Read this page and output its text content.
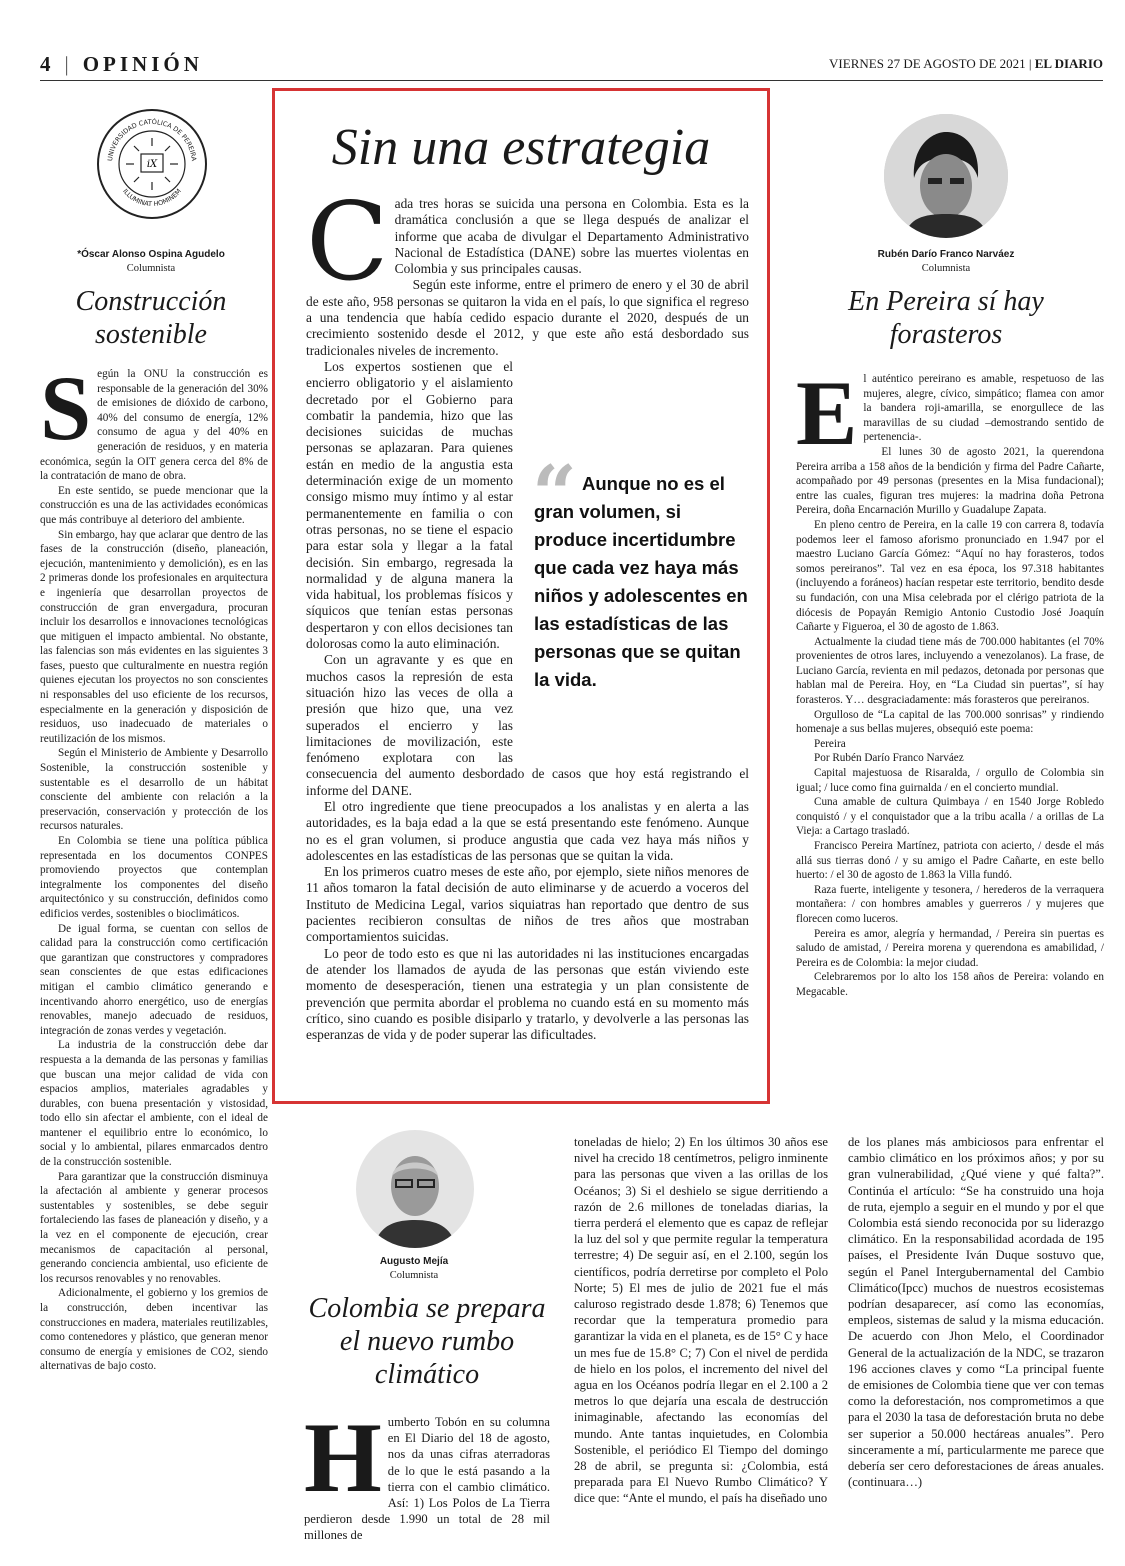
4 | OPINIÓN	VIERNES 27 DE AGOSTO DE 2021 | EL DIARIO
iX
UNIVERSIDAD CATÓLICA DE PEREIRA
ILLUMINAT HOMINEM
*Óscar Alonso Ospina Agudelo
Columnista
Construcción sostenible
S egún la ONU la construcción es responsable de la generación del 30% de emisiones de dióxido de carbono, 40% del consumo de energía, 12% consumo de agua y del 40% en generación de residuos, y en materia económica, según la OIT genera cerca del 8% de la contratación de mano de obra.

En este sentido, se puede mencionar que la construcción es una de las actividades económicas que más contribuye al deterioro del ambiente.

Sin embargo, hay que aclarar que dentro de las fases de la construcción (diseño, planeación, ejecución, mantenimiento y demolición), es en las 2 primeras donde los profesionales en arquitectura e ingeniería que desarrollan proyectos de construcción de gran envergadura, procuran incluir los desarrollos e innovaciones tecnológicas que mitiguen el impacto ambiental. No obstante, las falencias son más evidentes en las siguientes 3 fases, puesto que culturalmente en nuestra región quienes ejecutan los proyectos no son conscientes ni responsables del uso eficiente de los recursos, especialmente en la generación y disposición de residuos, uso inadecuado de materiales o reutilización de los mismos.

Según el Ministerio de Ambiente y Desarrollo Sostenible, la construcción sostenible y sustentable es el desarrollo de un hábitat consciente del ambiente con relación a la preservación, conservación y protección de los recursos naturales.

En Colombia se tiene una política pública representada en los documentos CONPES promoviendo proyectos que contemplan integralmente los componentes del diseño arquitectónico y su construcción, definidos como edificios verdes, sostenibles o bioclimáticos.

De igual forma, se cuentan con sellos de calidad para la construcción como certificación que garantizan que constructores y compradores sean conscientes de que estas edificaciones mitigan el cambio climático generando e incentivando ahorro energético, uso de energías renovables, manejo adecuado de residuos, integración de zonas verdes y vegetación.

La industria de la construcción debe dar respuesta a la demanda de las personas y familias que buscan una mejor calidad de vida con espacios amplios, materiales agradables y durables, con buena presentación y vistosidad, todo ello sin afectar el ambiente, con el ideal de mantener el equilibrio entre lo económico, lo social y lo ambiental, pilares enmarcados dentro de la construcción sostenible.

Para garantizar que la construcción disminuya la afectación al ambiente y generar procesos sustentables y sostenibles, se debe seguir fortaleciendo las fases de planeación y diseño, y a la vez en el componente de ejecución, crear mecanismos de capacitación al personal, generando conciencia ambiental, uso eficiente de los recursos renovables y no renovables.

Adicionalmente, el gobierno y los gremios de la construcción, deben incentivar las construcciones en madera, materiales reutilizables, como contenedores y plástico, que generan menor consumo de energía y emisiones de CO2, siendo alternativas de bajo costo.

Sin una estrategia
Cada tres horas se suicida una persona en Colombia. Esta es la dramática conclusión a que se llega después de analizar el informe que acaba de divulgar el Departamento Administrativo Nacional de Estadística (DANE) sobre las muertes violentas en Colombia y sus principales causas.

Según este informe, entre el primero de enero y el 30 de abril de este año, 958 personas se quitaron la vida en el país, lo que significa el regreso a una tendencia que había cedido espacio durante el 2020, después de un crecimiento sostenido desde el 2012, y que este año está desbordado sus tradicionales niveles de incremento.

Los expertos sostienen que el encierro obligatorio y el aislamiento decretado por el Gobierno para combatir la pandemia, hizo que las decisiones suicidas de muchas personas se aplazaran. Para quienes están en medio de la angustia esta determinación exige de un momento consigo mismo muy íntimo y al estar permanentemente en familia o con otras personas, no se tiene el espacio para estar sola y llegar a la fatal decisión. Sin embargo, regresada la normalidad y de alguna manera la vida habitual, los problemas físicos y síquicos que tenían estas personas despertaron y con ellos decisiones tan dolorosas como la auto eliminación.

Con un agravante y es que en muchos casos la represión de esta situación hizo las veces de olla a presión que hizo que, una vez superados el encierro y las limitaciones de movilización, este fenómeno explotara con las consecuencia del aumento desbordado de casos que hoy está registrando el informe del DANE.

El otro ingrediente que tiene preocupados a los analistas y en alerta a las autoridades, es la baja edad a la que se está presentando este fenómeno. Aunque no es el gran volumen, si produce angustia que cada vez haya más niños y adolescentes en las estadísticas de las personas que se quitan la vida.

En los primeros cuatro meses de este año, por ejemplo, siete niños menores de 11 años tomaron la fatal decisión de auto eliminarse y de acuerdo a voceros del Instituto de Medicina Legal, varios siquiatras han reportado que dentro de sus pacientes recibieron consultas de niños de tres años que mostraban comportamientos suicidas.

Lo peor de todo esto es que ni las autoridades ni las instituciones encargadas de atender los llamados de ayuda de las personas que están viviendo este momento de desesperación, tienen una estrategia y un plan consistente de prevención que permita abordar el problema no cuando está en su momento más crítico, sino cuando es posible disiparlo y tratarlo, y devolverle a las personas las esperanzas de vida y de poder superar las dificultades.

“ Aunque no es el gran volumen, si produce incertidumbre que cada vez haya más niños y adolescentes en las estadísticas de las personas que se quitan la vida.
Rubén Darío Franco Narváez
Columnista
En Pereira sí hay forasteros
E l auténtico pereirano es amable, respetuoso de las mujeres, alegre, cívico, simpático; flamea con amor la bandera roji-amarilla, se enorgullece de las maravillas de su ciudad –demostrando sentido de pertenencia-.

El lunes 30 de agosto 2021, la querendona Pereira arriba a 158 años de la bendición y firma del Padre Cañarte, acompañado por 49 personas (presentes en la Misa fundacional); entre las cuales, figuran tres mujeres: la madrina doña Petrona Pereira, doña Encarnación Murillo y Guadalupe Zapata.

En pleno centro de Pereira, en la calle 19 con carrera 8, todavía podemos leer el famoso aforismo pronunciado en 1.947 por el maestro Luciano García Gómez: “Aquí no hay forasteros, todos somos pereiranos”. Tal vez en esa época, los 97.318 habitantes (incluyendo a foráneos) hacían respetar este territorio, bendito desde su fundación, con una Misa celebrada por el clérigo patriota de la diócesis de Popayán Remigio Antonio Custodio José Joaquín Cañarte y Figueroa, el 30 de agosto de 1.863.

Actualmente la ciudad tiene más de 700.000 habitantes (el 70% provenientes de otros lares, incluyendo a venezolanos). La frase, de Luciano García, revienta en mil pedazos, detonada por personas que hablan mal de Pereira. Hoy, en “La Ciudad sin puertas”, sí hay forasteros. Y… desgraciadamente: más forasteros que pereiranos.

Orgulloso de “La capital de las 700.000 sonrisas” y rindiendo homenaje a sus bellas mujeres, obsequió este poema:

Pereira

Por Rubén Darío Franco Narváez

Capital majestuosa de Risaralda, / orgullo de Colombia sin igual; / luce como fina guirnalda / en el concierto mundial.

Cuna amable de cultura Quimbaya / en 1540 Jorge Robledo conquistó / y el conquistador que a la tribu acalla / a orillas de La Vieja: a Cartago trasladó.

Francisco Pereira Martínez, patriota con acierto, / desde el más allá sus tierras donó / y su amigo el Padre Cañarte, en este bello huerto: / el 30 de agosto de 1.863 la Villa fundó.

Raza fuerte, inteligente y tesonera, / herederos de la verraquera montañera: / con hombres amables y guerreros / y mujeres que florecen como luceros.

Pereira es amor, alegría y hermandad, / Pereira sin puertas es saludo de amistad, / Pereira morena y querendona es amabilidad, / Pereira es de Colombia: la mejor ciudad.

Celebraremos por lo alto los 158 años de Pereira: volando en Megacable.

Augusto Mejía
Columnista
Colombia se prepara el nuevo rumbo climático
Humberto Tobón en su columna en El Diario del 18 de agosto, nos da unas cifras aterradoras de lo que le está pasando a la tierra con el cambio climático. Así: 1) Los Polos de La Tierra perdieron desde 1.990 un total de 28 mil millones de
toneladas de hielo; 2) En los últimos 30 años ese nivel ha crecido 18 centímetros, peligro inminente para las personas que viven a las orillas de los Océanos; 3) Si el deshielo se sigue derritiendo a razón de 2.6 millones de toneladas diarias, la tierra perderá el elemento que es capaz de reflejar la luz del sol y que permite regular la temperatura terrestre; 4) De seguir así, en el 2.100, según los científicos, podría derretirse por completo el Polo Norte; 5) El mes de julio de 2021 fue el más caluroso registrado desde 1.878; 6) Tenemos que recordar que la temperatura promedio para garantizar la vida en el planeta, es de 15° C y hace un mes fue de 15.8° C; 7) Con el nivel de perdida de hielo en los polos, el incremento del nivel del agua en los Océanos podría llegar en el 2.100 a 2 metros lo que dejaría una escala de destrucción inimaginable, afectando las economías del mundo. Ante tantas inquietudes, en Colombia Sostenible, el periódico El Tiempo del domingo 28 de abril, se pregunta si: ¿Colombia, está preparada para El Nuevo Rumbo Climático? Y dice que: “Ante el mundo, el país ha diseñado uno
de los planes más ambiciosos para enfrentar el cambio climático en los próximos años; y por su gran vulnerabilidad, ¿Qué viene y qué falta?”. Continúa el artículo: “Se ha construido una hoja de ruta, ejemplo a seguir en el mundo y por el que Colombia está siendo reconocida por su liderazgo climático. En la responsabilidad acordada de 195 países, el Presidente Iván Duque sostuvo que, según el Panel Intergubernamental del Cambio Climático(Ipcc) muchos de nuestros ecosistemas podrían desaparecer, así como las economías, empleos, sistemas de salud y la misma educación. De acuerdo con Jhon Melo, el Coordinador General de la actualización de la NDC, se trazaron 196 acciones claves y como “La principal fuente de emisiones de Colombia tiene que ver con temas como la deforestación, nos comprometimos a que para el 2030 la tasa de deforestación bruta no debe ser superior a 50.000 hectáreas anuales”. Pero sinceramente a mí, particularmente me parece que debería ser cero deforestaciones de áreas anuales. (continuara…)
